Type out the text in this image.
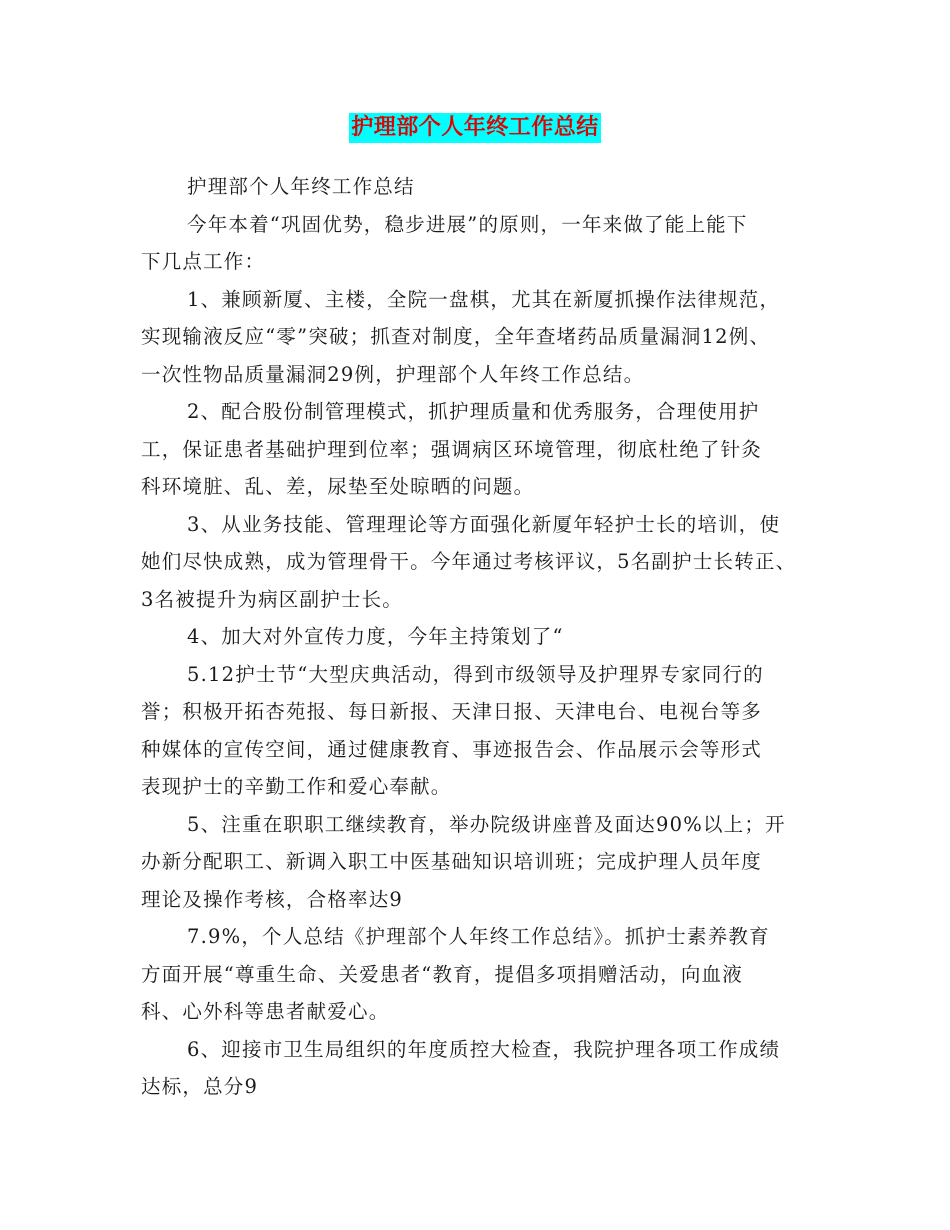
护理部个人年终工作总结
护理部个人年终工作总结
今年本着“巩固优势，稳步进展”的原则，一年来做了能上能下
下几点工作：
1、兼顾新厦、主楼，全院一盘棋，尤其在新厦抓操作法律规范，
实现输液反应“零”突破；抓查对制度，全年查堵药品质量漏洞12例、
一次性物品质量漏洞29例，护理部个人年终工作总结。
2、配合股份制管理模式，抓护理质量和优秀服务，合理使用护
工，保证患者基础护理到位率；强调病区环境管理，彻底杜绝了针灸
科环境脏、乱、差，尿垫至处晾晒的问题。
3、从业务技能、管理理论等方面强化新厦年轻护士长的培训，使
她们尽快成熟，成为管理骨干。今年通过考核评议，5名副护士长转正、
3名被提升为病区副护士长。
4、加大对外宣传力度，今年主持策划了“
5.12护士节“大型庆典活动，得到市级领导及护理界专家同行的
誉；积极开拓杏苑报、每日新报、天津日报、天津电台、电视台等多
种媒体的宣传空间，通过健康教育、事迹报告会、作品展示会等形式
表现护士的辛勤工作和爱心奉献。
5、注重在职职工继续教育，举办院级讲座普及面达90%以上；开
办新分配职工、新调入职工中医基础知识培训班；完成护理人员年度
理论及操作考核，合格率达9
7.9%，个人总结《护理部个人年终工作总结》。抓护士素养教育
方面开展“尊重生命、关爱患者“教育，提倡多项捐赠活动，向血液
科、心外科等患者献爱心。
6、迎接市卫生局组织的年度质控大检查，我院护理各项工作成绩
达标，总分9
